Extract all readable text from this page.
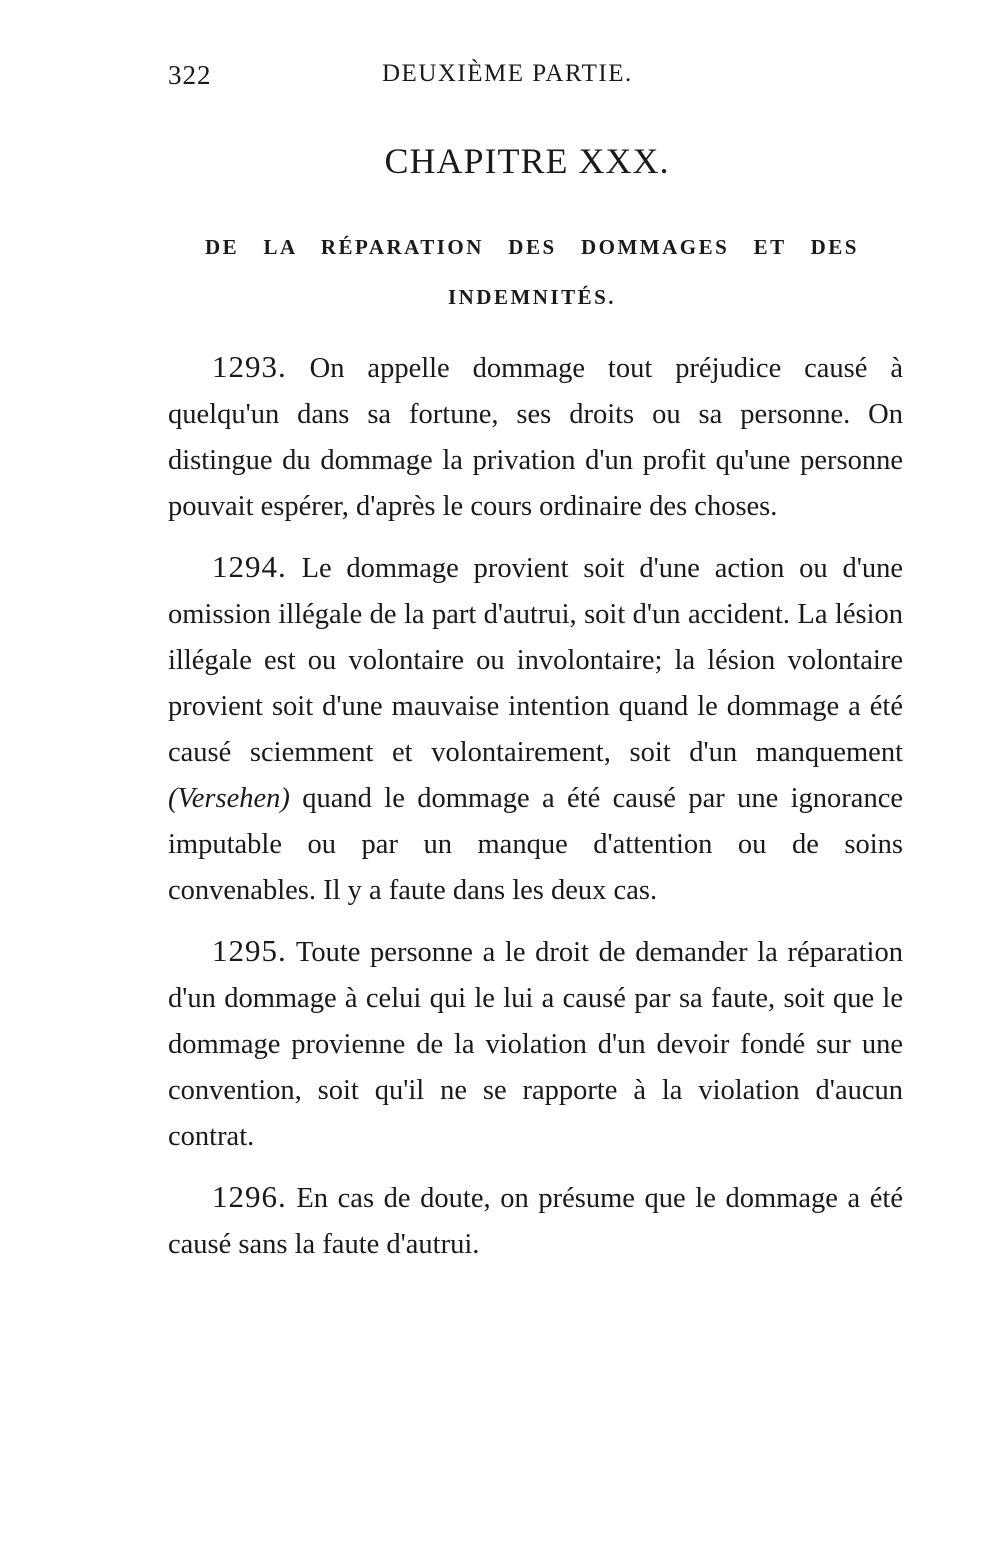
322	DEUXIÈME PARTIE.
CHAPITRE XXX.
DE LA RÉPARATION DES DOMMAGES ET DES
INDEMNITÉS.

1293. On appelle dommage tout préjudice causé à quelqu'un dans sa fortune, ses droits ou sa personne. On distingue du dommage la privation d'un profit qu'une personne pouvait espérer, d'après le cours ordinaire des choses.

1294. Le dommage provient soit d'une action ou d'une omission illégale de la part d'autrui, soit d'un accident. La lésion illégale est ou volontaire ou involontaire; la lésion volontaire provient soit d'une mauvaise intention quand le dommage a été causé sciemment et volontairement, soit d'un manquement (Versehen) quand le dommage a été causé par une ignorance imputable ou par un manque d'attention ou de soins convenables. Il y a faute dans les deux cas.

1295. Toute personne a le droit de demander la réparation d'un dommage à celui qui le lui a causé par sa faute, soit que le dommage provienne de la violation d'un devoir fondé sur une convention, soit qu'il ne se rapporte à la violation d'aucun contrat.

1296. En cas de doute, on présume que le dommage a été causé sans la faute d'autrui.
